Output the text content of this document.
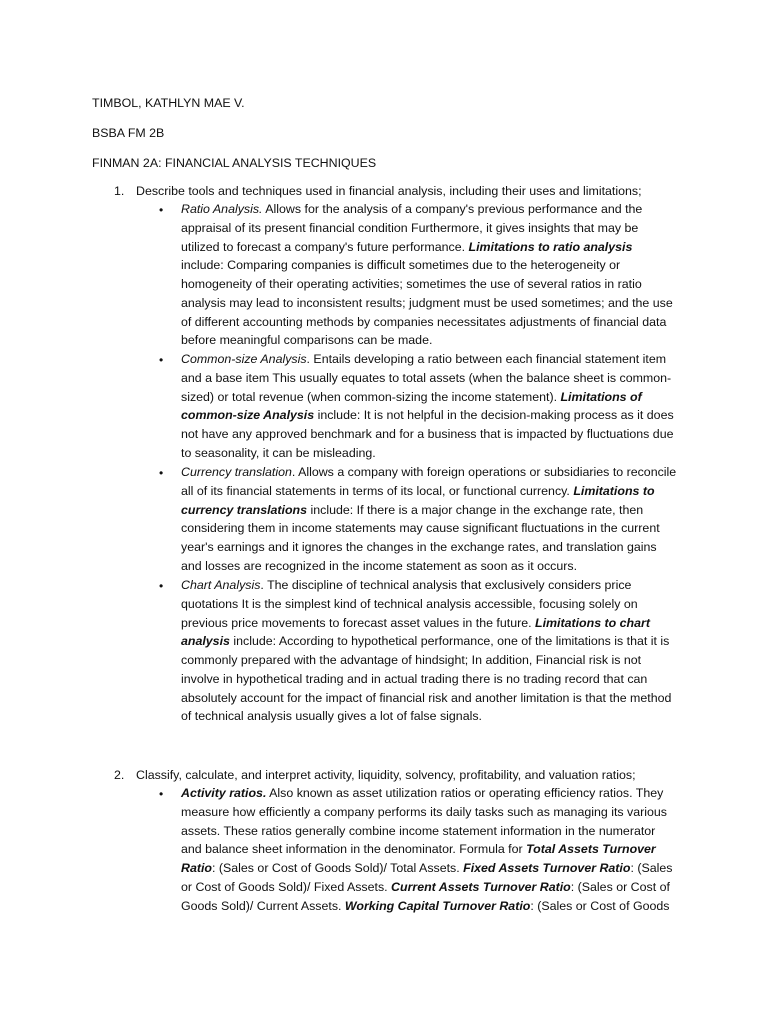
TIMBOL, KATHLYN MAE V.
BSBA FM 2B
FINMAN 2A: FINANCIAL ANALYSIS TECHNIQUES
1. Describe tools and techniques used in financial analysis, including their uses and limitations;
• Ratio Analysis. Allows for the analysis of a company's previous performance and the appraisal of its present financial condition Furthermore, it gives insights that may be utilized to forecast a company's future performance. Limitations to ratio analysis include: Comparing companies is difficult sometimes due to the heterogeneity or homogeneity of their operating activities; sometimes the use of several ratios in ratio analysis may lead to inconsistent results; judgment must be used sometimes; and the use of different accounting methods by companies necessitates adjustments of financial data before meaningful comparisons can be made.
• Common-size Analysis. Entails developing a ratio between each financial statement item and a base item This usually equates to total assets (when the balance sheet is common-sized) or total revenue (when common-sizing the income statement). Limitations of common-size Analysis include: It is not helpful in the decision-making process as it does not have any approved benchmark and for a business that is impacted by fluctuations due to seasonality, it can be misleading.
• Currency translation. Allows a company with foreign operations or subsidiaries to reconcile all of its financial statements in terms of its local, or functional currency. Limitations to currency translations include: If there is a major change in the exchange rate, then considering them in income statements may cause significant fluctuations in the current year's earnings and it ignores the changes in the exchange rates, and translation gains and losses are recognized in the income statement as soon as it occurs.
• Chart Analysis. The discipline of technical analysis that exclusively considers price quotations It is the simplest kind of technical analysis accessible, focusing solely on previous price movements to forecast asset values in the future. Limitations to chart analysis include: According to hypothetical performance, one of the limitations is that it is commonly prepared with the advantage of hindsight; In addition, Financial risk is not involve in hypothetical trading and in actual trading there is no trading record that can absolutely account for the impact of financial risk and another limitation is that the method of technical analysis usually gives a lot of false signals.
2. Classify, calculate, and interpret activity, liquidity, solvency, profitability, and valuation ratios;
• Activity ratios. Also known as asset utilization ratios or operating efficiency ratios. They measure how efficiently a company performs its daily tasks such as managing its various assets. These ratios generally combine income statement information in the numerator and balance sheet information in the denominator. Formula for Total Assets Turnover Ratio: (Sales or Cost of Goods Sold)/ Total Assets. Fixed Assets Turnover Ratio: (Sales or Cost of Goods Sold)/ Fixed Assets. Current Assets Turnover Ratio: (Sales or Cost of Goods Sold)/ Current Assets. Working Capital Turnover Ratio: (Sales or Cost of Goods
